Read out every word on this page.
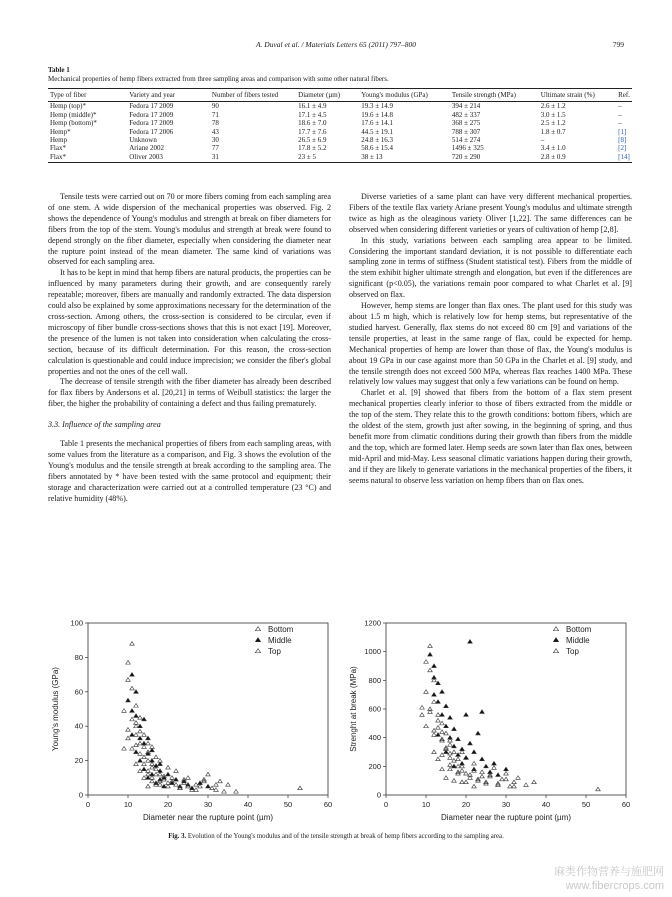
A. Duval et al. / Materials Letters 65 (2011) 797–800	799
Table 1
Mechanical properties of hemp fibers extracted from three sampling areas and comparison with some other natural fibers.
Type of fiber	Variety and year	Number of fibers tested	Diameter (µm)	Young's modulus (GPa)	Tensile strength (MPa)	Ultimate strain (%)	Ref.
Hemp (top)*	Fedora 17 2009	90	16.1 ± 4.9	19.3 ± 14.9	394 ± 214	2.6 ± 1.2	–
Hemp (middle)*	Fedora 17 2009	71	17.1 ± 4.5	19.6 ± 14.8	482 ± 337	3.0 ± 1.5	–
Hemp (bottom)*	Fedora 17 2009	78	18.6 ± 7.0	17.6 ± 14.1	368 ± 275	2.5 ± 1.2	–
Hemp*	Fedora 17 2006	43	17.7 ± 7.6	44.5 ± 19.1	788 ± 307	1.8 ± 0.7	[1]
Hemp	Unknown	30	26.5 ± 6.9	24.8 ± 16.3	514 ± 274	–	[8]
Flax*	Ariane 2002	77	17.8 ± 5.2	58.6 ± 15.4	1496 ± 325	3.4 ± 1.0	[2]
Flax*	Oliver 2003	31	23 ± 5	38 ± 13	720 ± 290	2.8 ± 0.9	[14]

Tensile tests were carried out on 70 or more fibers coming from each sampling area of one stem. A wide dispersion of the mechanical properties was observed. Fig. 2 shows the dependence of Young's modulus and strength at break on fiber diameters for fibers from the top of the stem. Young's modulus and strength at break were found to depend strongly on the fiber diameter, especially when considering the diameter near the rupture point instead of the mean diameter. The same kind of variations was observed for each sampling area.

It has to be kept in mind that hemp fibers are natural products, the properties can be influenced by many parameters during their growth, and are consequently rarely repeatable; moreover, fibers are manually and randomly extracted. The data dispersion could also be explained by some approximations necessary for the determination of the cross-section. Among others, the cross-section is considered to be circular, even if microscopy of fiber bundle cross-sections shows that this is not exact [19]. Moreover, the presence of the lumen is not taken into consideration when calculating the cross-section, because of its difficult determination. For this reason, the cross-section calculation is questionable and could induce imprecision; we consider the fiber's global properties and not the ones of the cell wall.

The decrease of tensile strength with the fiber diameter has already been described for flax fibers by Andersons et al. [20,21] in terms of Weibull statistics: the larger the fiber, the higher the probability of containing a defect and thus failing prematurely.

3.3. Influence of the sampling area

Table 1 presents the mechanical properties of fibers from each sampling areas, with some values from the literature as a comparison, and Fig. 3 shows the evolution of the Young's modulus and the tensile strength at break according to the sampling area. The fibers annotated by * have been tested with the same protocol and equipment; their storage and characterization were carried out at a controlled temperature (23 °C) and relative humidity (48%).

Diverse varieties of a same plant can have very different mechanical properties. Fibers of the textile flax variety Ariane present Young's modulus and ultimate strength twice as high as the oleaginous variety Oliver [1,22]. The same differences can be observed when considering different varieties or years of cultivation of hemp [2,8].

In this study, variations between each sampling area appear to be limited. Considering the important standard deviation, it is not possible to differentiate each sampling zone in terms of stiffness (Student statistical test). Fibers from the middle of the stem exhibit higher ultimate strength and elongation, but even if the differences are significant (p<0.05), the variations remain poor compared to what Charlet et al. [9] observed on flax.

However, hemp stems are longer than flax ones. The plant used for this study was about 1.5 m high, which is relatively low for hemp stems, but representative of the studied harvest. Generally, flax stems do not exceed 80 cm [9] and variations of the tensile properties, at least in the same range of flax, could be expected for hemp. Mechanical properties of hemp are lower than those of flax, the Young's modulus is about 19 GPa in our case against more than 50 GPa in the Charlet et al. [9] study, and the tensile strength does not exceed 500 MPa, whereas flax reaches 1400 MPa. These relatively low values may suggest that only a few variations can be found on hemp.

Charlet et al. [9] showed that fibers from the bottom of a flax stem present mechanical properties clearly inferior to those of fibers extracted from the middle or the top of the stem. They relate this to the growth conditions: bottom fibers, which are the oldest of the stem, growth just after sowing, in the beginning of spring, and thus benefit more from climatic conditions during their growth than fibers from the middle and the top, which are formed later. Hemp seeds are sown later than flax ones, between mid-April and mid-May. Less seasonal climatic variations happen during their growth, and if they are likely to generate variations in the mechanical properties of the fibers, it seems natural to observe less variation on hemp fibers than on flax ones.

0	10	20	30	40	50	60
0
20
40
60
80
100
Diameter near the rupture point (µm)
Young's modulus (GPa)
Bottom
Middle
Top
0	10	20	30	40	50	60
0
200
400
600
800
1000
1200
Diameter near the rupture point (µm)
Strenght at break (MPa)
Bottom
Middle
Top
Fig. 3. Evolution of the Young's modulus and of the tensile strength at break of hemp fibers according to the sampling area.
麻类作物营养与施肥网
www.fibercrops.com
